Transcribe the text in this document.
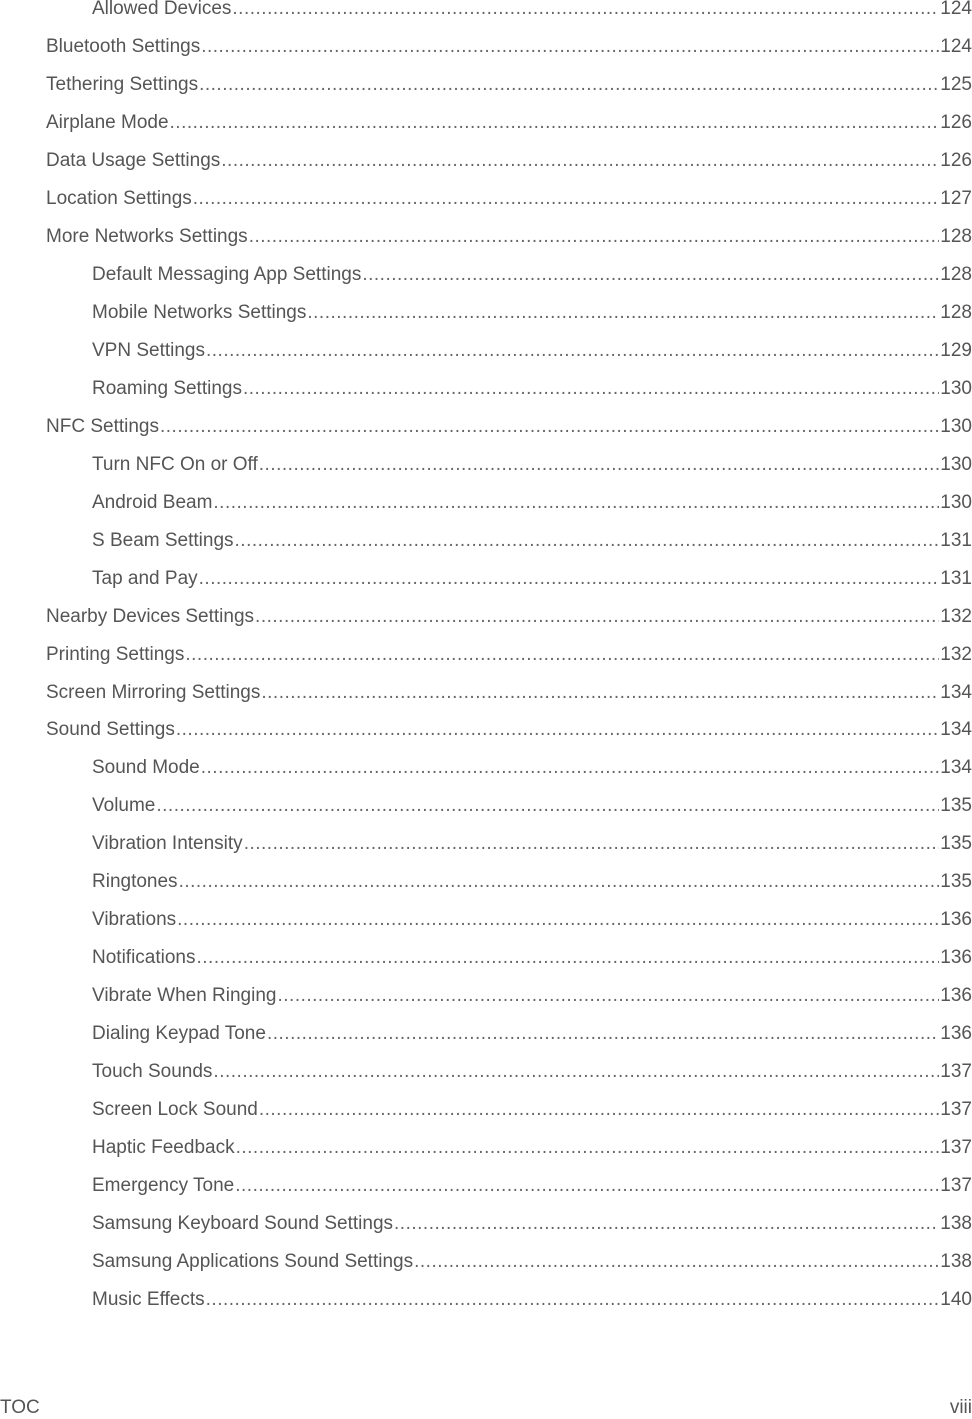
Allowed Devices .....	124
Bluetooth Settings .....	124
Tethering Settings .....	125
Airplane Mode .....	126
Data Usage Settings .....	126
Location Settings .....	127
More Networks Settings .....	128
Default Messaging App Settings .....	128
Mobile Networks Settings .....	128
VPN Settings .....	129
Roaming Settings .....	130
NFC Settings .....	130
Turn NFC On or Off .....	130
Android Beam .....	130
S Beam Settings .....	131
Tap and Pay .....	131
Nearby Devices Settings .....	132
Printing Settings .....	132
Screen Mirroring Settings .....	134
Sound Settings .....	134
Sound Mode .....	134
Volume .....	135
Vibration Intensity .....	135
Ringtones .....	135
Vibrations .....	136
Notifications .....	136
Vibrate When Ringing .....	136
Dialing Keypad Tone .....	136
Touch Sounds .....	137
Screen Lock Sound .....	137
Haptic Feedback .....	137
Emergency Tone .....	137
Samsung Keyboard Sound Settings .....	138
Samsung Applications Sound Settings .....	138
Music Effects .....	140
TOC	viii
